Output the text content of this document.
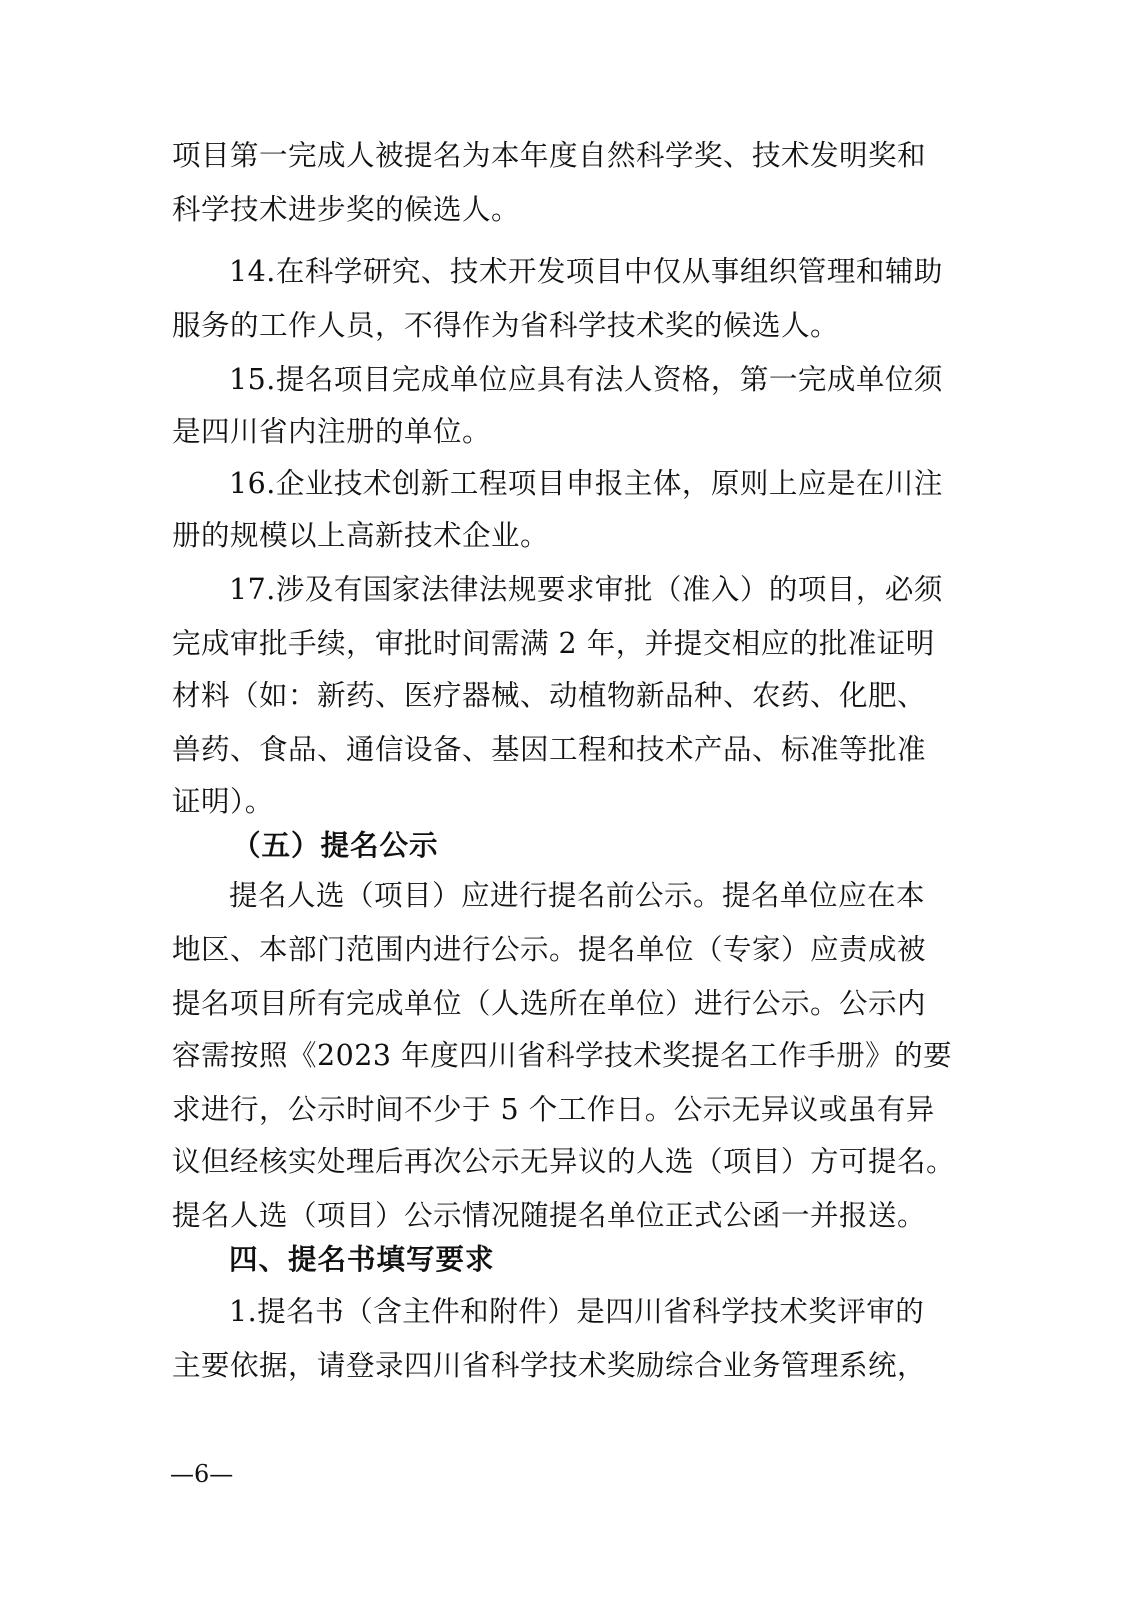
项目第一完成人被提名为本年度自然科学奖、技术发明奖和
科学技术进步奖的候选人。
14.在科学研究、技术开发项目中仅从事组织管理和辅助
服务的工作人员，不得作为省科学技术奖的候选人。
15.提名项目完成单位应具有法人资格，第一完成单位须
是四川省内注册的单位。
16.企业技术创新工程项目申报主体，原则上应是在川注
册的规模以上高新技术企业。
17.涉及有国家法律法规要求审批（准入）的项目，必须
完成审批手续，审批时间需满 2 年，并提交相应的批准证明
材料（如：新药、医疗器械、动植物新品种、农药、化肥、
兽药、食品、通信设备、基因工程和技术产品、标准等批准
证明）。
（五）提名公示
提名人选（项目）应进行提名前公示。提名单位应在本
地区、本部门范围内进行公示。提名单位（专家）应责成被
提名项目所有完成单位（人选所在单位）进行公示。公示内
容需按照《2023 年度四川省科学技术奖提名工作手册》的要
求进行，公示时间不少于 5 个工作日。公示无异议或虽有异
议但经核实处理后再次公示无异议的人选（项目）方可提名。
提名人选（项目）公示情况随提名单位正式公函一并报送。
四、提名书填写要求
1.提名书（含主件和附件）是四川省科学技术奖评审的
主要依据，请登录四川省科学技术奖励综合业务管理系统，
—6—
